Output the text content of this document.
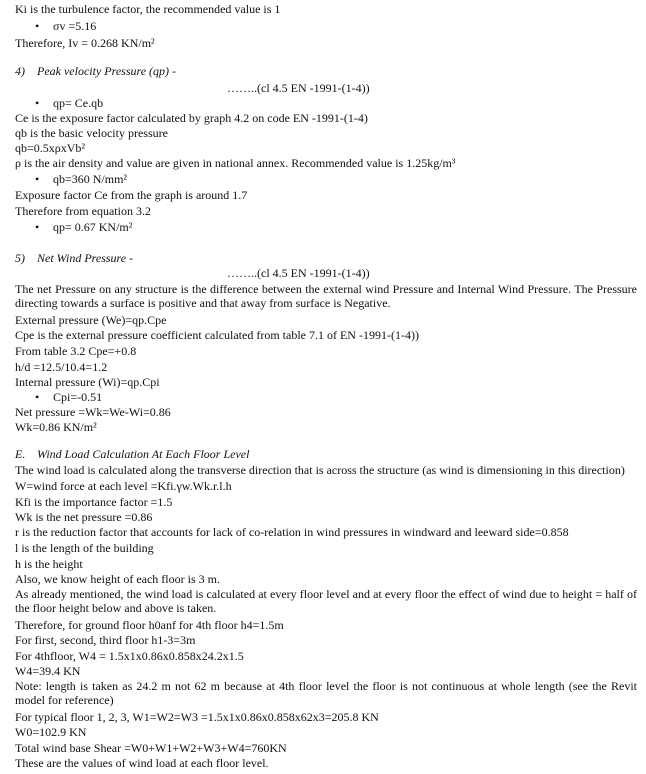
Ki is the turbulence factor, the recommended value is 1
• σv =5.16
Therefore, Iv = 0.268 KN/m²
4) Peak velocity Pressure (qp) -
……..(cl 4.5 EN -1991-(1-4))
• qp= Ce.qb
Ce is the exposure factor calculated by graph 4.2 on code EN -1991-(1-4)
qb is the basic velocity pressure
qb=0.5xρxVb²
ρ is the air density and value are given in national annex. Recommended value is 1.25kg/m³
• qb=360 N/mm²
Exposure factor Ce from the graph is around 1.7
Therefore from equation 3.2
• qp= 0.67 KN/m²
5) Net Wind Pressure -
……..(cl 4.5 EN -1991-(1-4))
The net Pressure on any structure is the difference between the external wind Pressure and Internal Wind Pressure. The Pressure directing towards a surface is positive and that away from surface is Negative.
External pressure (We)=qp.Cpe
Cpe is the external pressure coefficient calculated from table 7.1 of EN -1991-(1-4))
From table 3.2 Cpe=+0.8
h/d =12.5/10.4=1.2
Internal pressure (Wi)=qp.Cpi
• Cpi=-0.51
Net pressure =Wk=We-Wi=0.86
Wk=0.86 KN/m²
E. Wind Load Calculation At Each Floor Level
The wind load is calculated along the transverse direction that is across the structure (as wind is dimensioning in this direction)
W=wind force at each level =Kfi.γw.Wk.r.l.h
Kfi is the importance factor =1.5
Wk is the net pressure =0.86
r is the reduction factor that accounts for lack of co-relation in wind pressures in windward and leeward side=0.858
l is the length of the building
h is the height
Also, we know height of each floor is 3 m.
As already mentioned, the wind load is calculated at every floor level and at every floor the effect of wind due to height = half of the floor height below and above is taken.
Therefore, for ground floor h0anf for 4th floor h4=1.5m
For first, second, third floor h1-3=3m
For 4thfloor, W4 = 1.5x1x0.86x0.858x24.2x1.5
W4=39.4 KN
Note: length is taken as 24.2 m not 62 m because at 4th floor level the floor is not continuous at whole length (see the Revit model for reference)
For typical floor 1, 2, 3, W1=W2=W3 =1.5x1x0.86x0.858x62x3=205.8 KN
W0=102.9 KN
Total wind base Shear =W0+W1+W2+W3+W4=760KN
These are the values of wind load at each floor level.
